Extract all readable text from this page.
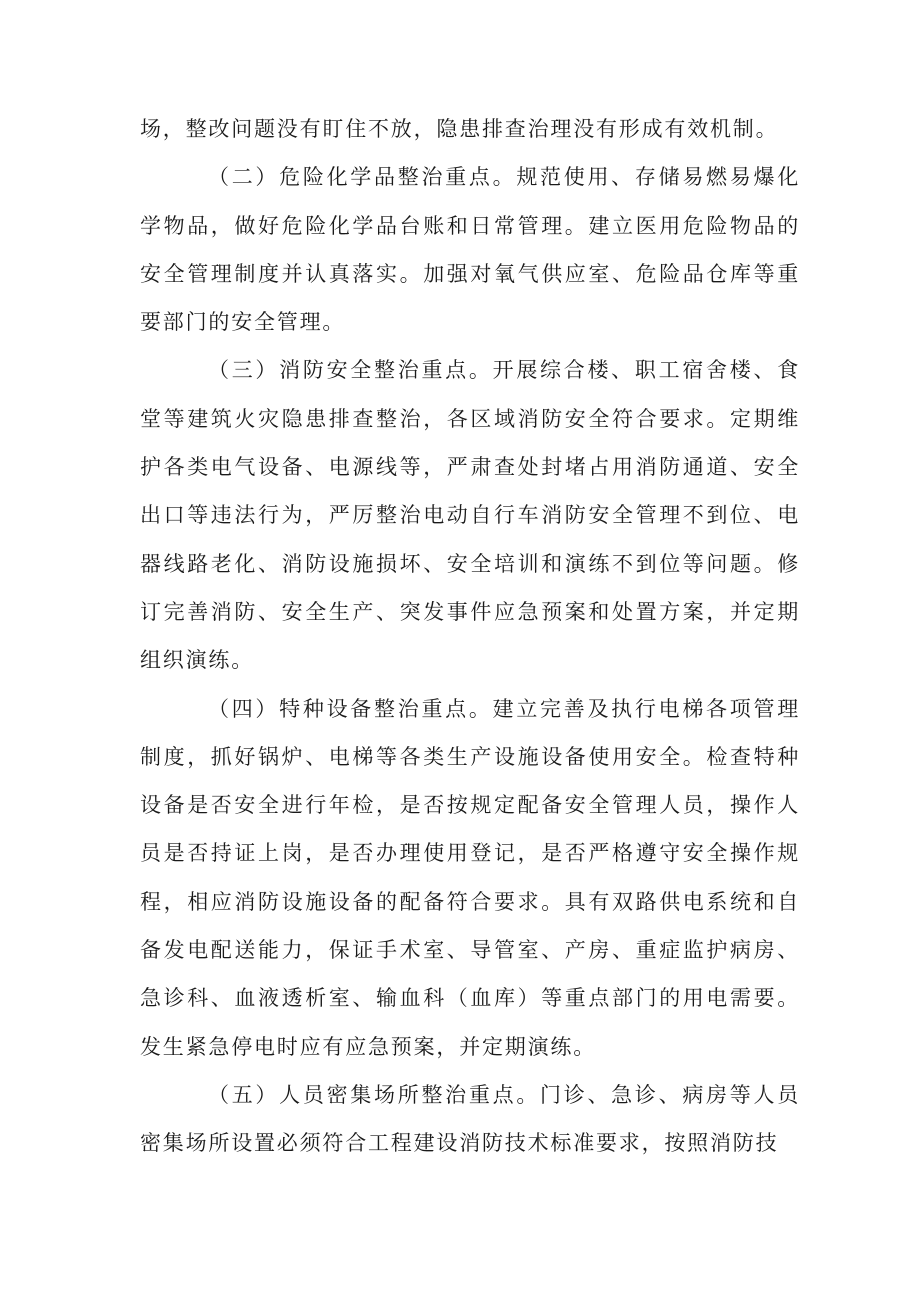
场，整改问题没有盯住不放，隐患排查治理没有形成有效机制。

（二）危险化学品整治重点。规范使用、存储易燃易爆化学物品，做好危险化学品台账和日常管理。建立医用危险物品的安全管理制度并认真落实。加强对氧气供应室、危险品仓库等重要部门的安全管理。

（三）消防安全整治重点。开展综合楼、职工宿舍楼、食堂等建筑火灾隐患排查整治，各区域消防安全符合要求。定期维护各类电气设备、电源线等，严肃查处封堵占用消防通道、安全出口等违法行为，严厉整治电动自行车消防安全管理不到位、电器线路老化、消防设施损坏、安全培训和演练不到位等问题。修订完善消防、安全生产、突发事件应急预案和处置方案，并定期组织演练。

（四）特种设备整治重点。建立完善及执行电梯各项管理制度，抓好锅炉、电梯等各类生产设施设备使用安全。检查特种设备是否安全进行年检，是否按规定配备安全管理人员，操作人员是否持证上岗，是否办理使用登记，是否严格遵守安全操作规程，相应消防设施设备的配备符合要求。具有双路供电系统和自备发电配送能力，保证手术室、导管室、产房、重症监护病房、急诊科、血液透析室、输血科（血库）等重点部门的用电需要。发生紧急停电时应有应急预案，并定期演练。

（五）人员密集场所整治重点。门诊、急诊、病房等人员密集场所设置必须符合工程建设消防技术标准要求，按照消防技
